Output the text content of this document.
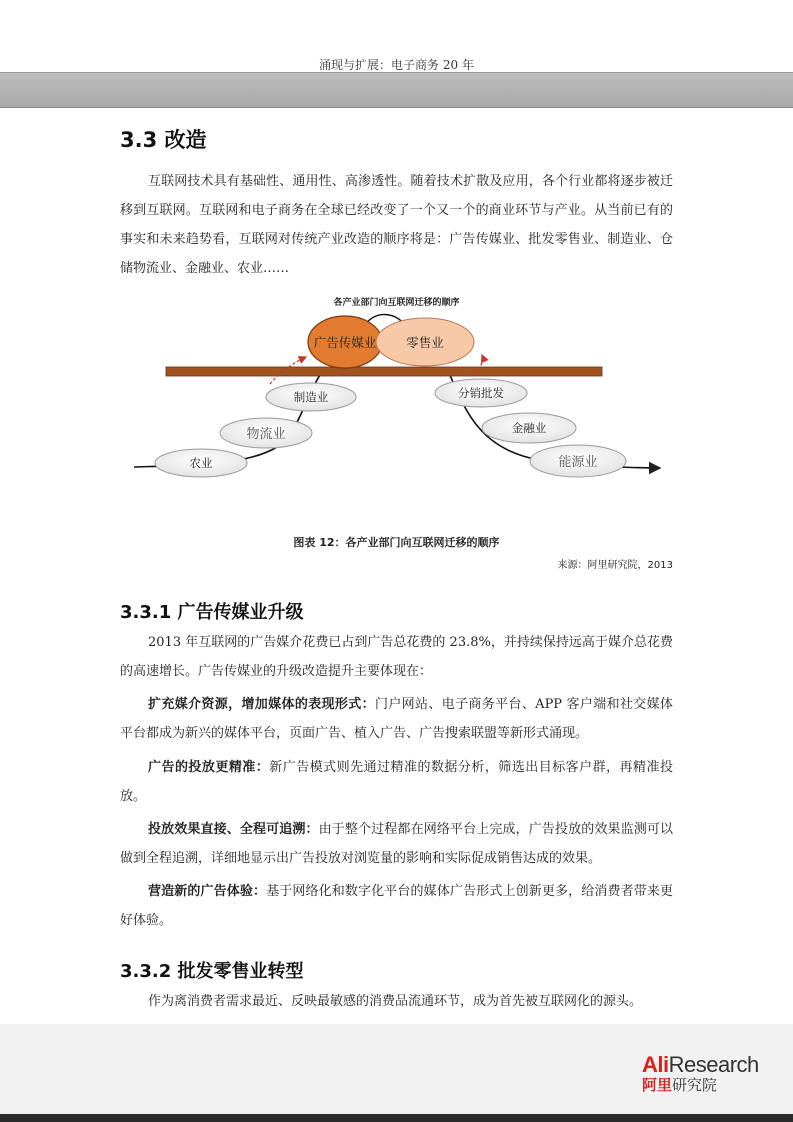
涌现与扩展：电子商务 20 年
3.3 改造

互联网技术具有基础性、通用性、高渗透性。随着技术扩散及应用，各个行业都将逐步被迁移到互联网。互联网和电子商务在全球已经改变了一个又一个的商业环节与产业。从当前已有的事实和未来趋势看，互联网对传统产业改造的顺序将是：广告传媒业、批发零售业、制造业、仓储物流业、金融业、农业……

各产业部门向互联网迁移的顺序
广告传媒业 零售业
制造业
物流业
农业
分销批发
金融业
能源业
图表 12：各产业部门向互联网迁移的顺序
来源：阿里研究院，2013
3.3.1 广告传媒业升级

2013 年互联网的广告媒介花费已占到广告总花费的 23.8%，并持续保持远高于媒介总花费的高速增长。广告传媒业的升级改造提升主要体现在：

扩充媒介资源，增加媒体的表现形式：门户网站、电子商务平台、APP 客户端和社交媒体平台都成为新兴的媒体平台，页面广告、植入广告、广告搜索联盟等新形式涌现。

广告的投放更精准：新广告模式则先通过精准的数据分析，筛选出目标客户群，再精准投放。

投放效果直接、全程可追溯：由于整个过程都在网络平台上完成，广告投放的效果监测可以做到全程追溯，详细地显示出广告投放对浏览量的影响和实际促成销售达成的效果。

营造新的广告体验：基于网络化和数字化平台的媒体广告形式上创新更多，给消费者带来更好体验。

3.3.2 批发零售业转型

作为离消费者需求最近、反映最敏感的消费品流通环节，成为首先被互联网化的源头。

AliResearch
阿里研究院
